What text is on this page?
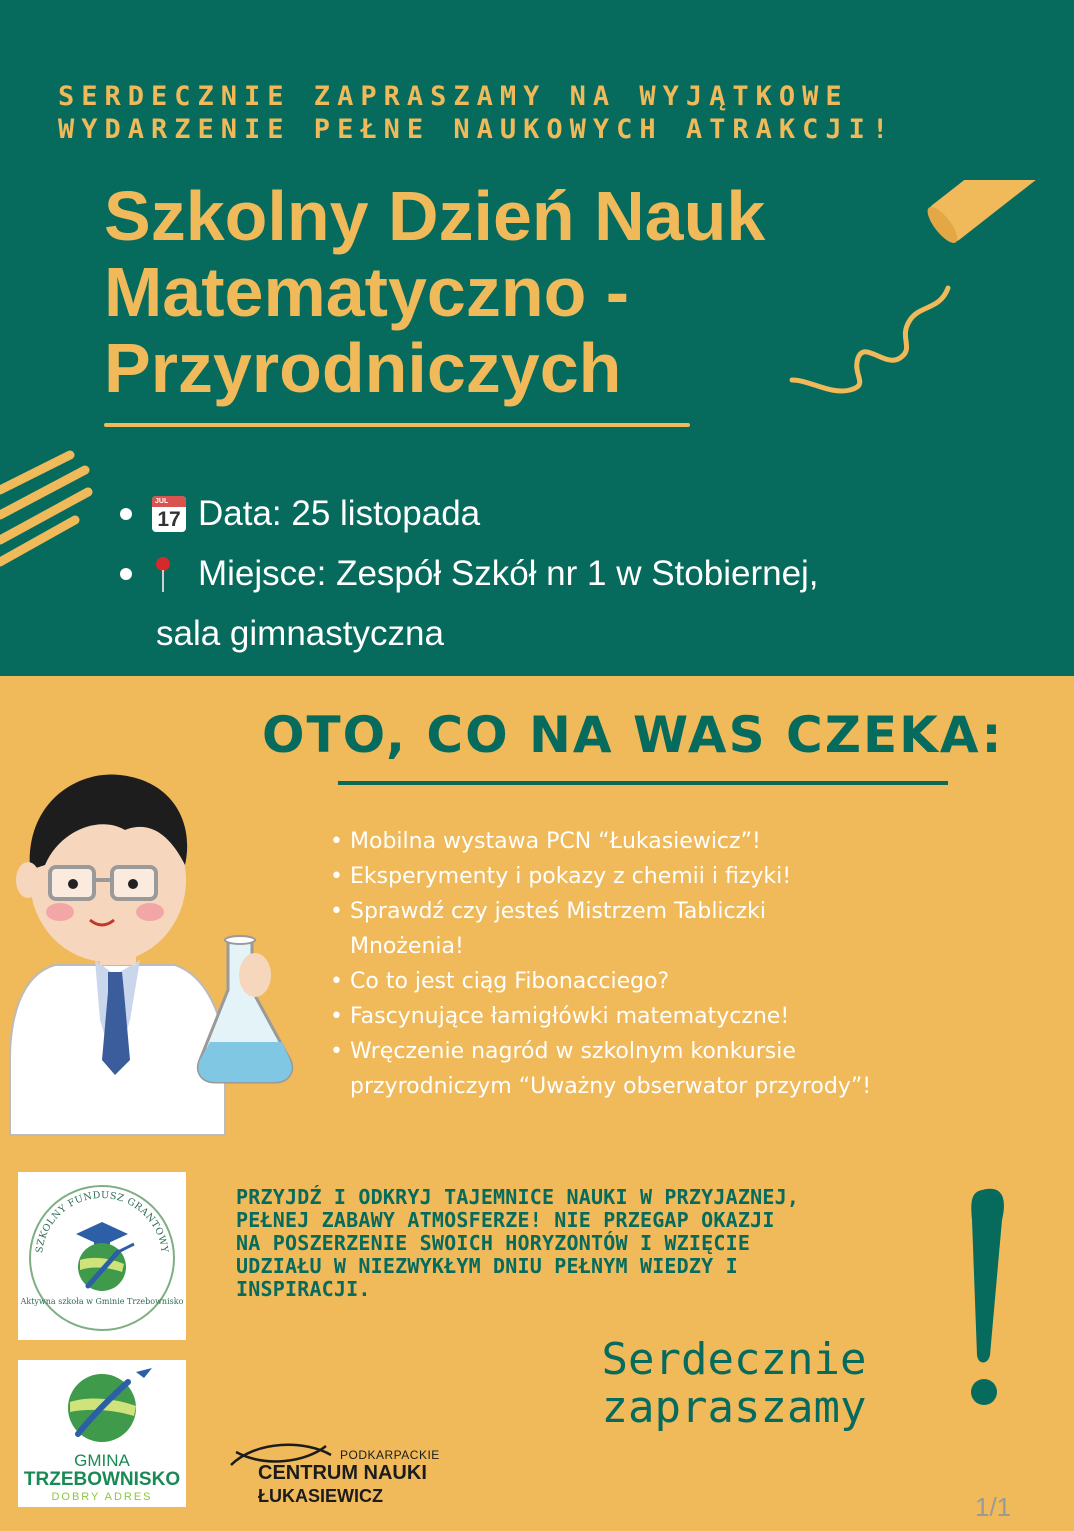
SERDECZNIE ZAPRASZAMY NA WYJĄTKOWE
WYDARZENIE PEŁNE NAUKOWYCH ATRAKCJI!
Szkolny Dzień Nauk
Matematyczno -
Przyrodniczych
JUL
17 Data: 25 listopada
Miejsce: Zespół Szkół nr 1 w Stobiernej,
sala gimnastyczna
OTO, CO NA WAS CZEKA:
• Mobilna wystawa PCN “Łukasiewicz”!
• Eksperymenty i pokazy z chemii i fizyki!
• Sprawdź czy jesteś Mistrzem Tabliczki
Mnożenia!
• Co to jest ciąg Fibonacciego?
• Fascynujące łamigłówki matematyczne!
• Wręczenie nagród w szkolnym konkursie
przyrodniczym “Uważny obserwator przyrody”!
PRZYJDŹ I ODKRYJ TAJEMNICE NAUKI W PRZYJAZNEJ,
PEŁNEJ ZABAWY ATMOSFERZE! NIE PRZEGAP OKAZJI
NA POSZERZENIE SWOICH HORYZONTÓW I WZIĘCIE
UDZIAŁU W NIEZWYKŁYM DNIU PEŁNYM WIEDZY I
INSPIRACJI.
Serdecznie
zapraszamy
SZKOLNY FUNDUSZ GRANTOWY
Aktywna szkoła w Gminie Trzebownisko
GMINA
TRZEBOWNISKO
DOBRY ADRES
PODKARPACKIE
CENTRUM NAUKI
ŁUKASIEWICZ	1/1
